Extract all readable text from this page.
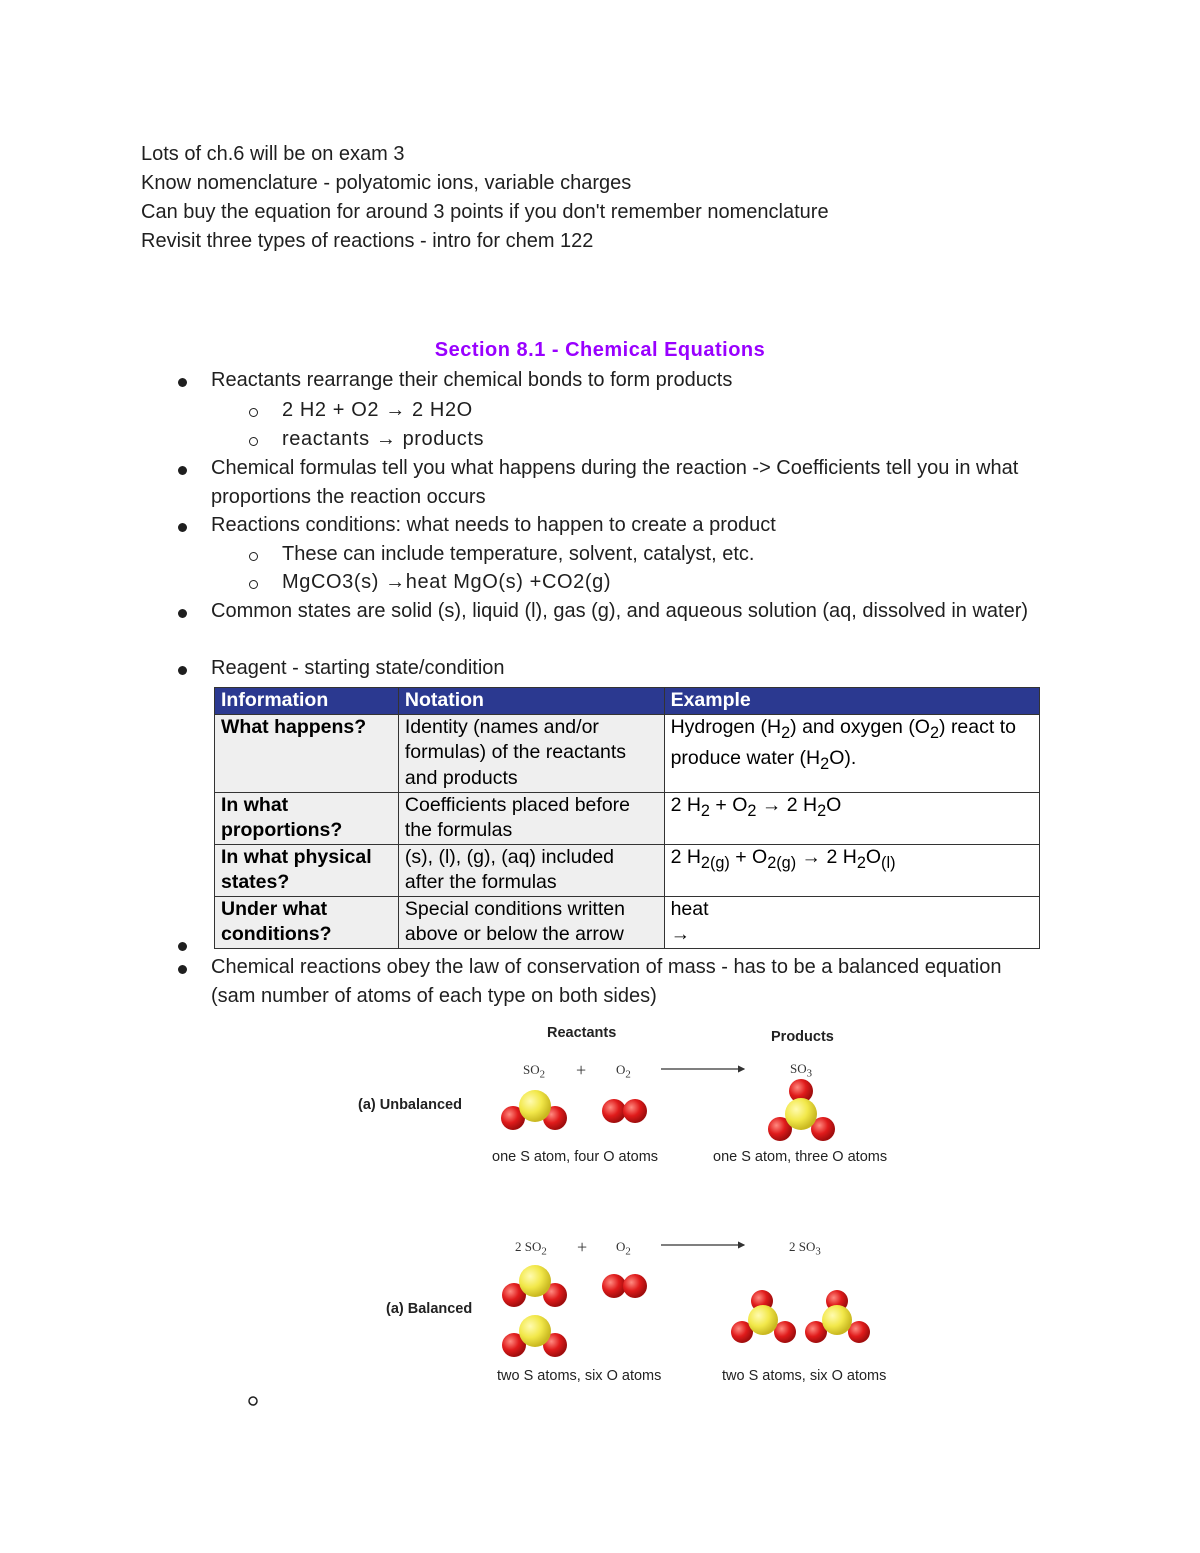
Lots of ch.6 will be on exam 3

Know nomenclature - polyatomic ions, variable charges

Can buy the equation for around 3 points if you don't remember nomenclature

Revisit three types of reactions - intro for chem 122

Section 8.1 - Chemical Equations
Reactants rearrange their chemical bonds to form products
2 H2 + O2 → 2 H2O
reactants → products
Chemical formulas tell you what happens during the reaction -> Coefficients tell you in what proportions the reaction occurs
Reactions conditions: what needs to happen to create a product
These can include temperature, solvent, catalyst, etc.
MgCO3(s) →heat MgO(s) +CO2(g)
Common states are solid (s), liquid (l), gas (g), and aqueous solution (aq, dissolved in water)
Reagent - starting state/condition
Chemical reactions obey the law of conservation of mass - has to be a balanced equation (sam number of atoms of each type on both sides)
Information	Notation	Example
What happens?	Identity (names and/or formulas) of the reactants and products	Hydrogen $(H_2)$ and oxygen $(O_2)$ react to produce water $(H_2O)$.
In what proportions?	Coefficients placed before the formulas	2 $H_2 + O_2 \to 2$ $H_2O$
In what physical states?	(s), (l), (g), (aq) included after the formulas	2 $H_{2(g)} + O_{2(g)} \to 2$ $H_2O_{(l)}$
Under what conditions?	Special conditions written above or below the arrow	heat
→
Reactants	Products
(a) Unbalanced
(a) Balanced
$SO_2 + O_2$	$SO_3$
2 $SO_2 + O_2$	2 $SO_3$
one S atom, four O atoms	one S atom, three O atoms
two S atoms, six O atoms	two S atoms, six O atoms
